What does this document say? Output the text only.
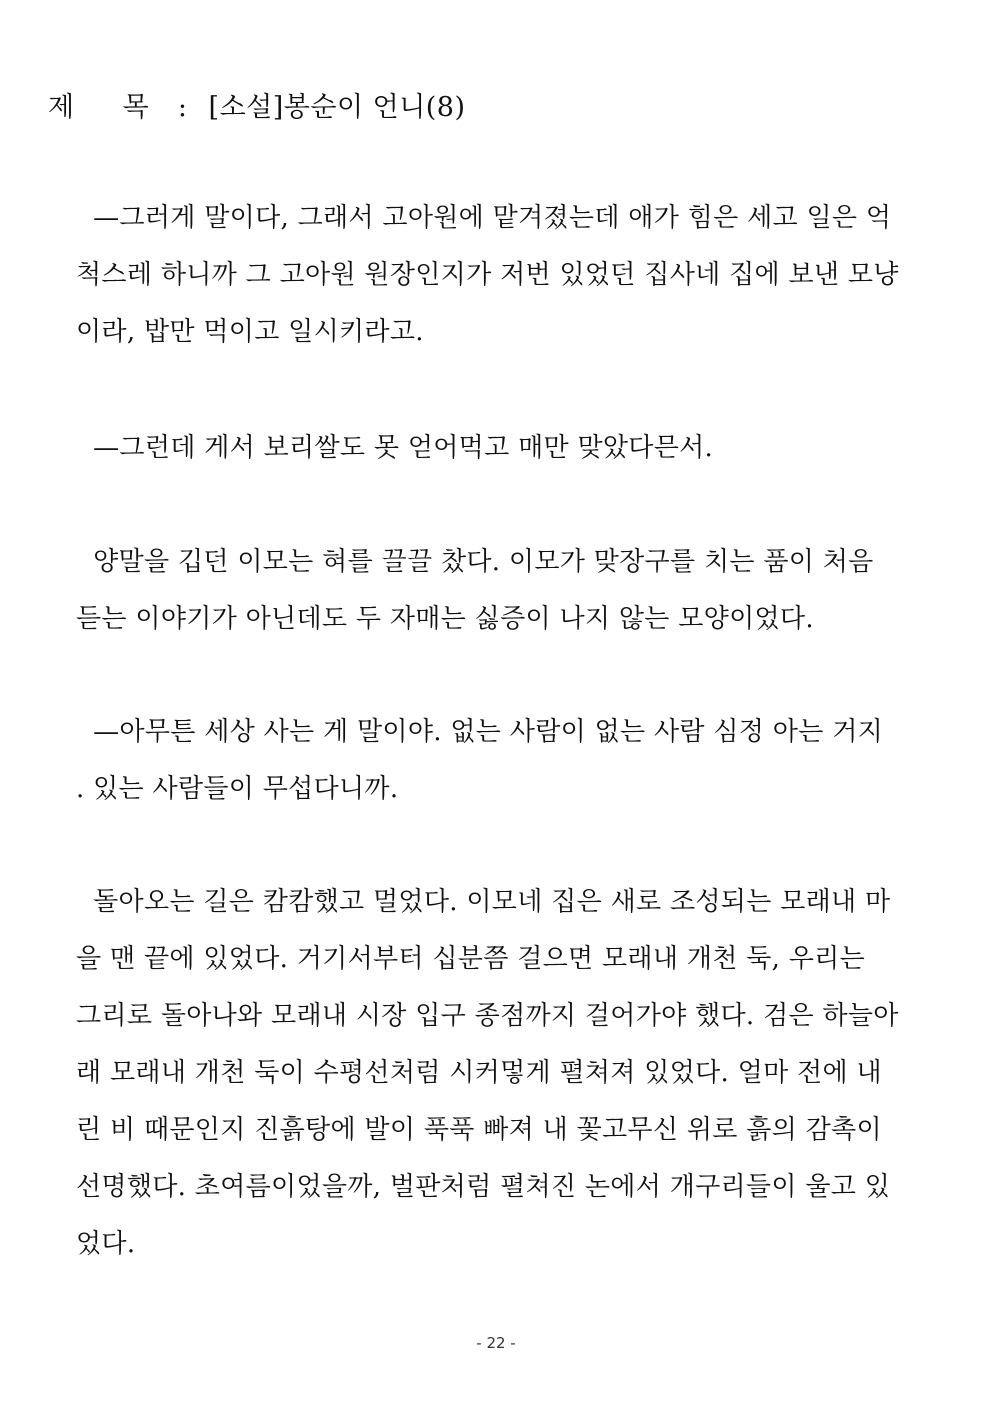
제 목 : [소설]봉순이 언니(8)
—그러게 말이다, 그래서 고아원에 맡겨졌는데 애가 힘은 세고 일은 억
척스레 하니까 그 고아원 원장인지가 저번 있었던 집사네 집에 보낸 모냥
이라, 밥만 먹이고 일시키라고.
—그런데 게서 보리쌀도 못 얻어먹고 매만 맞았다믄서.
양말을 깁던 이모는 혀를 끌끌 찼다. 이모가 맞장구를 치는 품이 처음
듣는 이야기가 아닌데도 두 자매는 싫증이 나지 않는 모양이었다.
—아무튼 세상 사는 게 말이야. 없는 사람이 없는 사람 심정 아는 거지
. 있는 사람들이 무섭다니까.
돌아오는 길은 캄캄했고 멀었다. 이모네 집은 새로 조성되는 모래내 마
을 맨 끝에 있었다. 거기서부터 십분쯤 걸으면 모래내 개천 둑, 우리는
그리로 돌아나와 모래내 시장 입구 종점까지 걸어가야 했다. 검은 하늘아
래 모래내 개천 둑이 수평선처럼 시커멓게 펼쳐져 있었다. 얼마 전에 내
린 비 때문인지 진흙탕에 발이 푹푹 빠져 내 꽃고무신 위로 흙의 감촉이
선명했다. 초여름이었을까, 벌판처럼 펼쳐진 논에서 개구리들이 울고 있
었다.
- 22 -
